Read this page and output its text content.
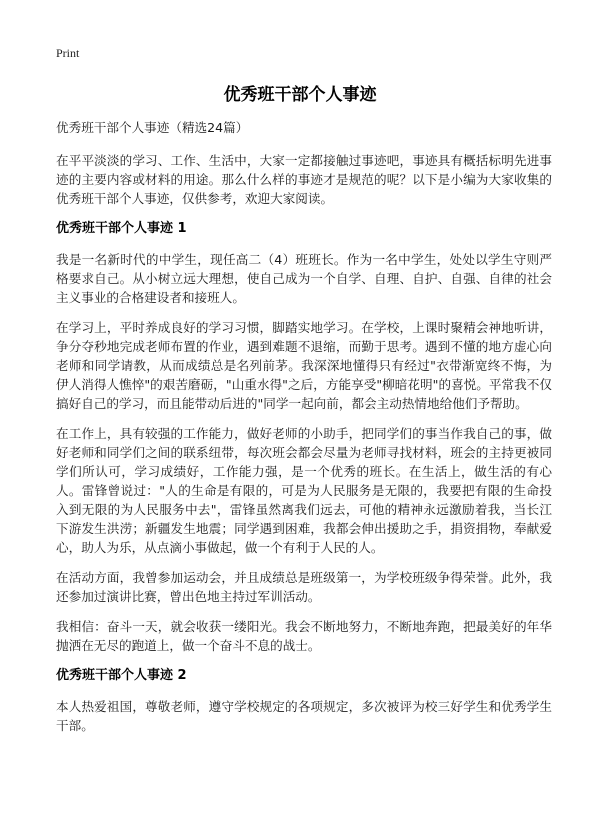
Print
优秀班干部个人事迹

优秀班干部个人事迹（精选24篇）

在平平淡淡的学习、工作、生活中，大家一定都接触过事迹吧，事迹具有概括标明先进事迹的主要内容或材料的用途。那么什么样的事迹才是规范的呢？以下是小编为大家收集的优秀班干部个人事迹，仅供参考，欢迎大家阅读。

优秀班干部个人事迹 1

我是一名新时代的中学生，现任高二（4）班班长。作为一名中学生，处处以学生守则严格要求自己。从小树立远大理想，使自己成为一个自学、自理、自护、自强、自律的社会主义事业的合格建设者和接班人。

在学习上，平时养成良好的学习习惯，脚踏实地学习。在学校，上课时聚精会神地听讲，争分夺秒地完成老师布置的作业，遇到难题不退缩，而勤于思考。遇到不懂的地方虚心向老师和同学请教，从而成绩总是名列前茅。我深深地懂得只有经过"衣带渐宽终不悔，为伊人消得人憔悴"的艰苦磨砺，"山重水得"之后，方能享受"柳暗花明"的喜悦。平常我不仅搞好自己的学习，而且能带动后进的"同学一起向前，都会主动热情地给他们予帮助。

在工作上，具有较强的工作能力，做好老师的小助手，把同学们的事当作我自己的事，做好老师和同学们之间的联系纽带，每次班会都会尽量为老师寻找材料，班会的主持更被同学们所认可，学习成绩好，工作能力强，是一个优秀的班长。在生活上，做生活的有心人。雷锋曾说过："人的生命是有限的，可是为人民服务是无限的，我要把有限的生命投入到无限的为人民服务中去"，雷锋虽然离我们远去，可他的精神永远激励着我，当长江下游发生洪涝；新疆发生地震；同学遇到困难，我都会伸出援助之手，捐资捐物，奉献爱心，助人为乐，从点滴小事做起，做一个有利于人民的人。

在活动方面，我曾参加运动会，并且成绩总是班级第一，为学校班级争得荣誉。此外，我还参加过演讲比赛，曾出色地主持过军训活动。

我相信：奋斗一天，就会收获一缕阳光。我会不断地努力，不断地奔跑，把最美好的年华抛洒在无尽的跑道上，做一个奋斗不息的战士。

优秀班干部个人事迹 2

本人热爱祖国，尊敬老师，遵守学校规定的各项规定，多次被评为校三好学生和优秀学生干部。
